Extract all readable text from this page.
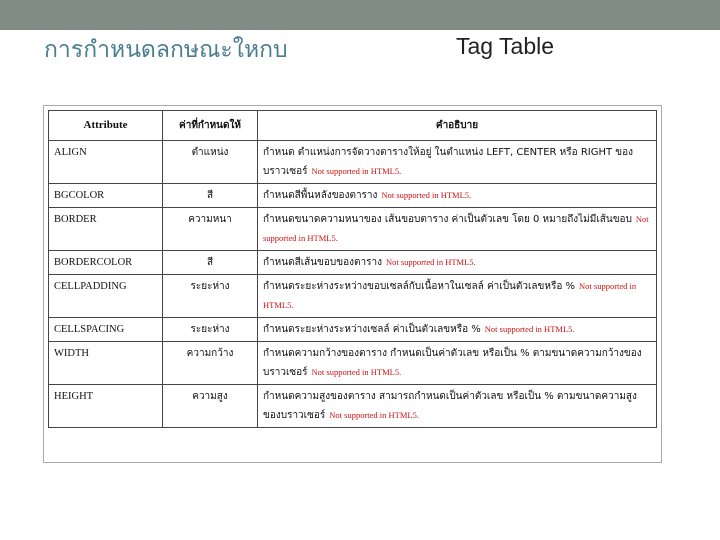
การกำหนดลกษณะใหกบ	Tag Table
Attribute	ค่าที่กำหนดให้	คำอธิบาย
ALIGN	ตำแหน่ง	กำหนด ตำแหน่งการจัดวางตารางให้อยู่ ในตำแหน่ง LEFT, CENTER หรือ RIGHT ของบราวเซอร์ Not supported in HTML5.
BGCOLOR	สี	กำหนดสีพื้นหลังของตาราง Not supported in HTML5.
BORDER	ความหนา	กำหนดขนาดความหนาของ เส้นขอบตาราง ค่าเป็นตัวเลข โดย 0 หมายถึงไม่มีเส้นขอบ Not supported in HTML5.
BORDERCOLOR	สี	กำหนดสีเส้นขอบของตาราง Not supported in HTML5.
CELLPADDING	ระยะห่าง	กำหนดระยะห่างระหว่างขอบเซลล์กับเนื้อหาในเซลล์ ค่าเป็นตัวเลขหรือ % Not supported in HTML5.
CELLSPACING	ระยะห่าง	กำหนดระยะห่างระหว่างเซลล์ ค่าเป็นตัวเลขหรือ % Not supported in HTML5.
WIDTH	ความกว้าง	กำหนดความกว้างของตาราง กำหนดเป็นค่าตัวเลข หรือเป็น % ตามขนาดความกว้างของบราวเซอร์ Not supported in HTML5.
HEIGHT	ความสูง	กำหนดความสูงของตาราง สามารถกำหนดเป็นค่าตัวเลข หรือเป็น % ตามขนาดความสูงของบราวเซอร์ Not supported in HTML5.
